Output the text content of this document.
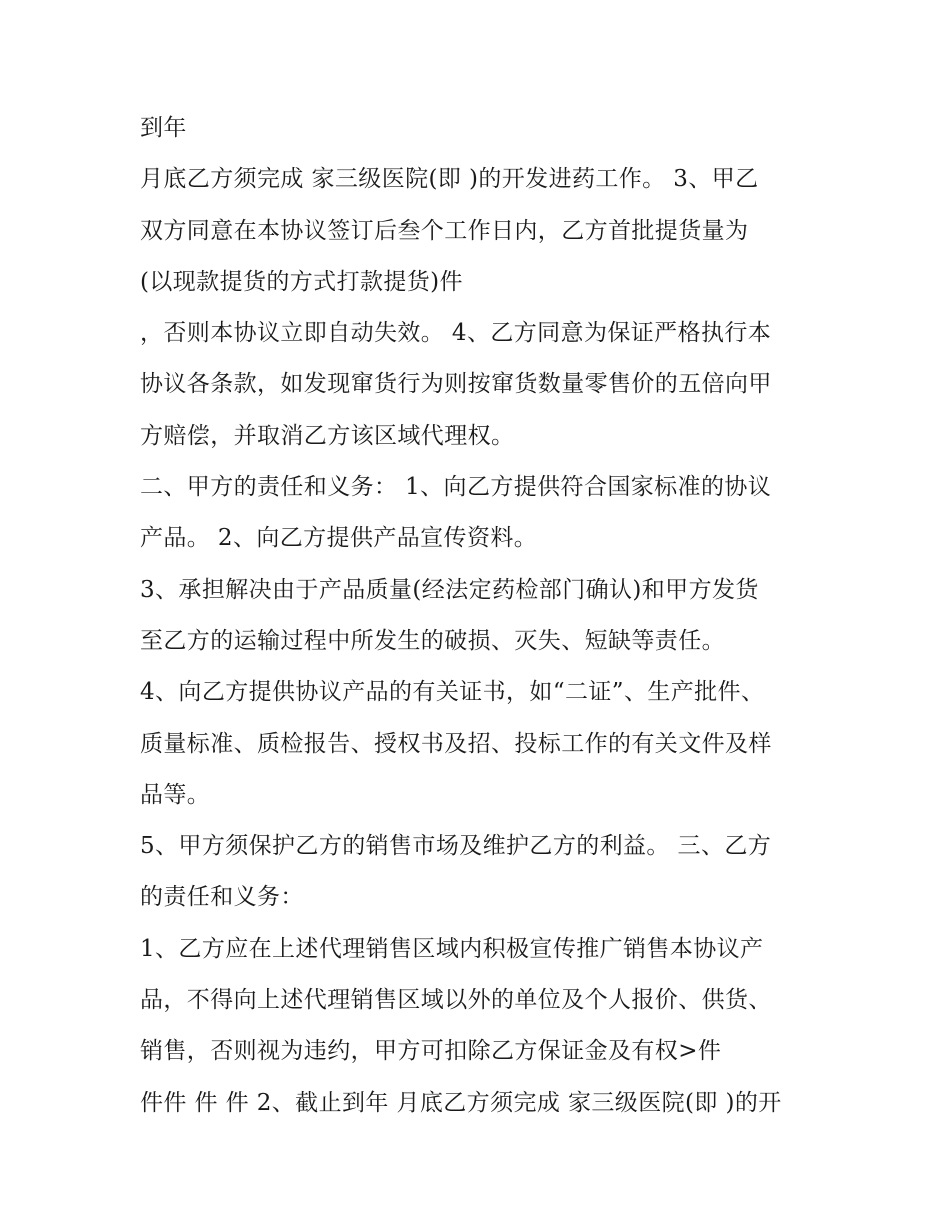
到年
月底乙方须完成 家三级医院(即 )的开发进药工作。 3、甲乙
双方同意在本协议签订后叁个工作日内，乙方首批提货量为
(以现款提货的方式打款提货)件
，否则本协议立即自动失效。 4、乙方同意为保证严格执行本
协议各条款，如发现窜货行为则按窜货数量零售价的五倍向甲
方赔偿，并取消乙方该区域代理权。
二、甲方的责任和义务： 1、向乙方提供符合国家标准的协议
产品。 2、向乙方提供产品宣传资料。
3、承担解决由于产品质量(经法定药检部门确认)和甲方发货
至乙方的运输过程中所发生的破损、灭失、短缺等责任。
4、向乙方提供协议产品的有关证书，如“二证”、生产批件、
质量标准、质检报告、授权书及招、投标工作的有关文件及样
品等。
5、甲方须保护乙方的销售市场及维护乙方的利益。 三、乙方
的责任和义务：
1、乙方应在上述代理销售区域内积极宣传推广销售本协议产
品，不得向上述代理销售区域以外的单位及个人报价、供货、
销售，否则视为违约，甲方可扣除乙方保证金及有权>件
件件 件 件 2、截止到年 月底乙方须完成 家三级医院(即 )的开
